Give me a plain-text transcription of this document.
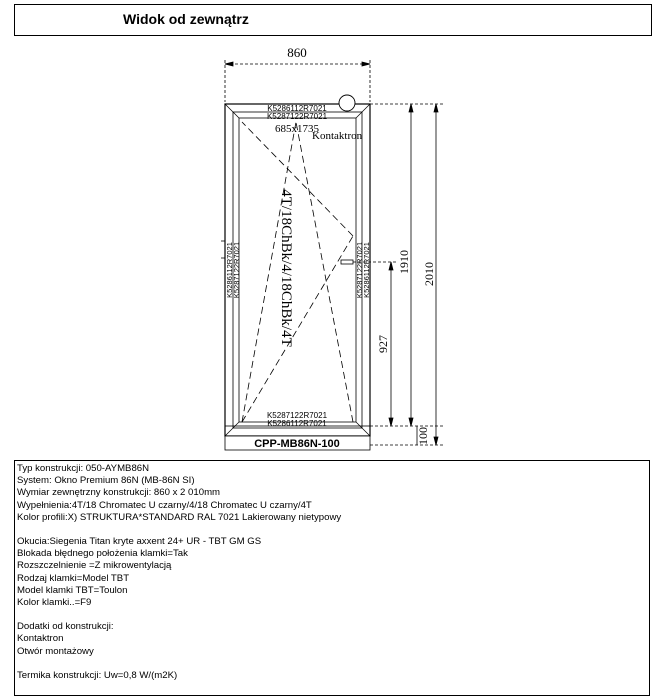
Widok od zewnątrz
860
K5286112R7021
K5287122R7021
K5287122R7021
K5286112R7021
K5286112R7021
K5287122R7021	K5287122R7021
K5286112R7021
685x1735
Kontaktron
4T/18ChBk/4/18ChBk/4T
CPP-MB86N-100
2010
1910
927
100
Typ konstrukcji: 050-AYMB86N
System: Okno Premium 86N (MB-86N SI)
Wymiar zewnętrzny konstrukcji: 860 x 2 010mm
Wypełnienia:4T/18 Chromatec U czarny/4/18 Chromatec U czarny/4T
Kolor profili:X) STRUKTURA*STANDARD RAL 7021 Lakierowany nietypowy
Okucia:Siegenia Titan kryte axxent 24+ UR - TBT GM GS
Blokada błędnego położenia klamki=Tak
Rozszczelnienie =Z mikrowentylacją
Rodzaj klamki=Model TBT
Model klamki TBT=Toulon
Kolor klamki..=F9
Dodatki od konstrukcji:
Kontaktron
Otwór montażowy
Termika konstrukcji: Uw=0,8 W/(m2K)
